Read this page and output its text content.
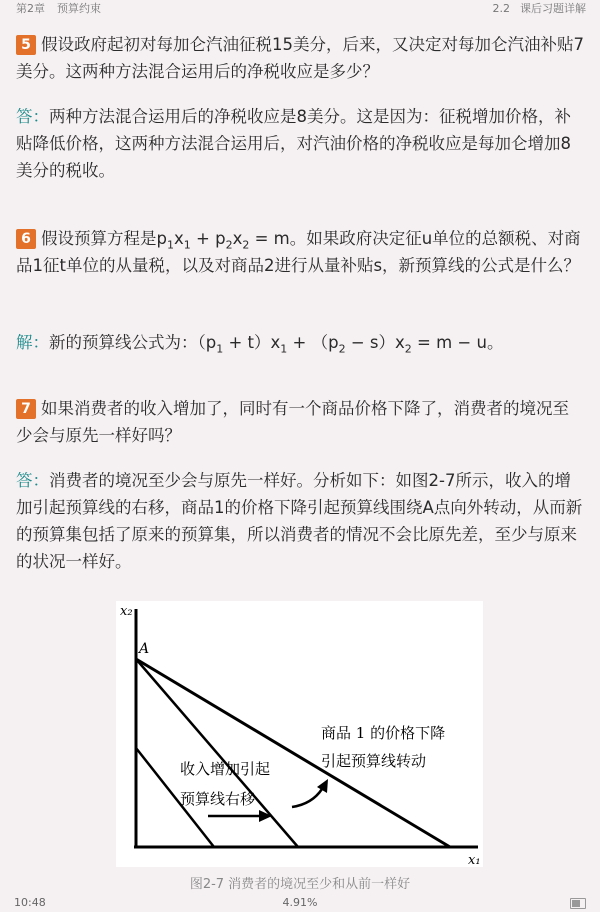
第2章 预算约束	2.2 课后习题详解
5 假设政府起初对每加仑汽油征税15美分，后来，又决定对每加仑汽油补贴7美分。这两种方法混合运用后的净税收应是多少？
答：两种方法混合运用后的净税收应是8美分。这是因为：征税增加价格，补贴降低价格，这两种方法混合运用后，对汽油价格的净税收应是每加仑增加8美分的税收。
6 假设预算方程是$p_1x_1 + p_2x_2 = m$。如果政府决定征u单位的总额税、对商品1征t单位的从量税，以及对商品2进行从量补贴s，新预算线的公式是什么？
解：新的预算线公式为：$(p_1 + t)x_1 + (p_2 - s)x_2 = m - u$。
7 如果消费者的收入增加了，同时有一个商品价格下降了，消费者的境况至少会与原先一样好吗？
答：消费者的境况至少会与原先一样好。分析如下：如图2-7所示，收入的增加引起预算线的右移，商品1的价格下降引起预算线围绕A点向外转动，从而新的预算集包括了原来的预算集，所以消费者的情况不会比原先差，至少与原来的状况一样好。
x₂
x₁
A
收入增加引起
预算线右移
商品 1 的价格下降
引起预算线转动
图2-7 消费者的境况至少和从前一样好
10:48	4.91%
